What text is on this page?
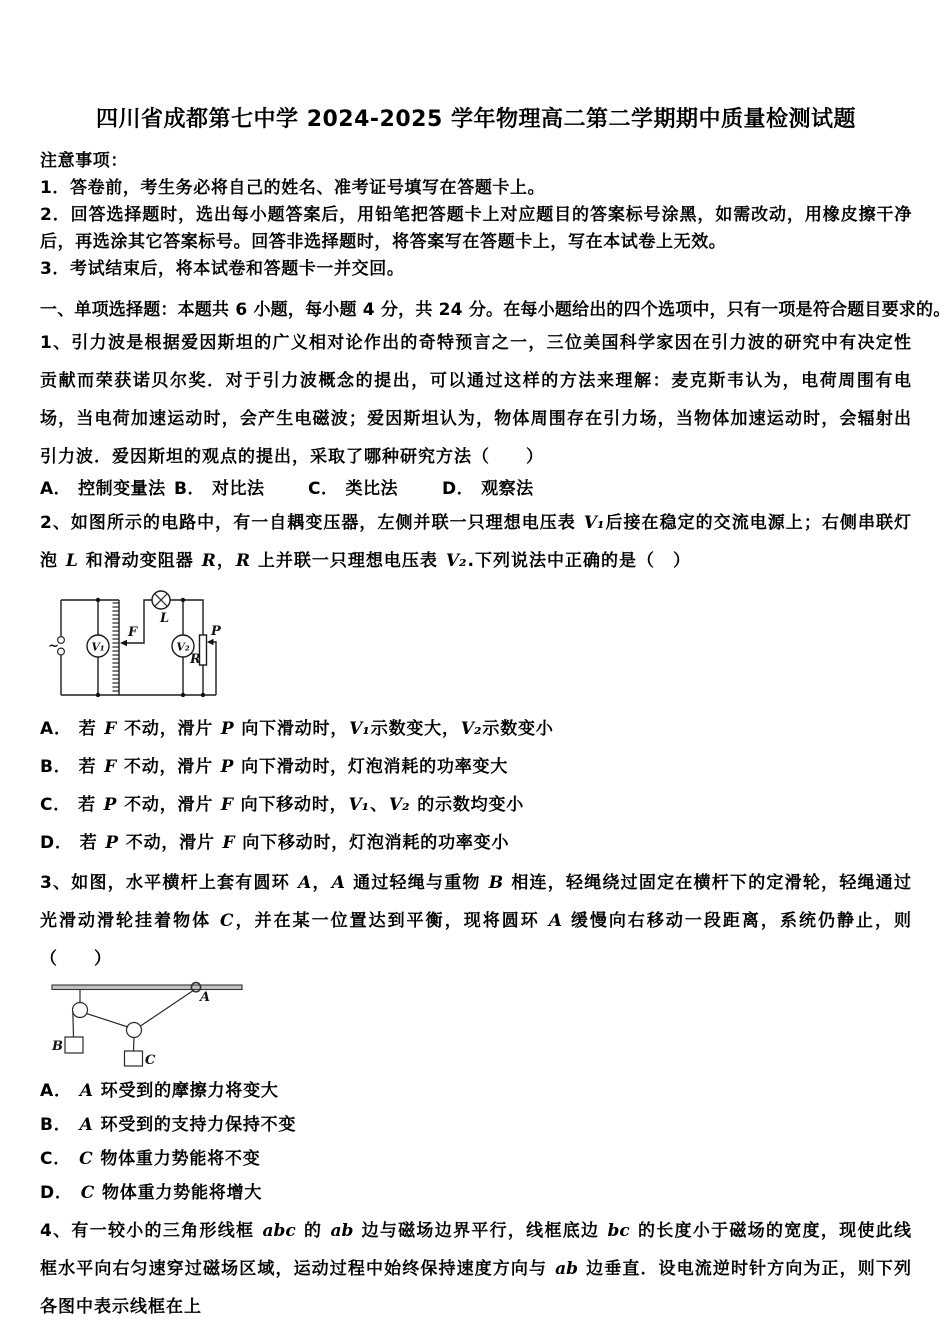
四川省成都第七中学 2024-2025 学年物理高二第二学期期中质量检测试题

注意事项：

1．答卷前，考生务必将自己的姓名、准考证号填写在答题卡上。

2．回答选择题时，选出每小题答案后，用铅笔把答题卡上对应题目的答案标号涂黑，如需改动，用橡皮擦干净后，再选涂其它答案标号。回答非选择题时，将答案写在答题卡上，写在本试卷上无效。

3．考试结束后，将本试卷和答题卡一并交回。

一、单项选择题：本题共 6 小题，每小题 4 分，共 24 分。在每小题给出的四个选项中，只有一项是符合题目要求的。

1、引力波是根据爱因斯坦的广义相对论作出的奇特预言之一，三位美国科学家因在引力波的研究中有决定性贡献而荣获诺贝尔奖．对于引力波概念的提出，可以通过这样的方法来理解：麦克斯韦认为，电荷周围有电场，当电荷加速运动时，会产生电磁波；爱因斯坦认为，物体周围存在引力场，当物体加速运动时，会辐射出引力波．爱因斯坦的观点的提出，采取了哪种研究方法（　　）

A． 控制变量法 B． 对比法	C． 类比法	D． 观察法

2、如图所示的电路中，有一自耦变压器，左侧并联一只理想电压表 V₁后接在稳定的交流电源上；右侧串联灯泡 L 和滑动变阻器 R，R 上并联一只理想电压表 V₂.下列说法中正确的是（　）

~	V₁
F
L
V₂
R
P

A． 若 F 不动，滑片 P 向下滑动时，V₁示数变大，V₂示数变小

B． 若 F 不动，滑片 P 向下滑动时，灯泡消耗的功率变大

C． 若 P 不动，滑片 F 向下移动时，V₁、V₂ 的示数均变小

D． 若 P 不动，滑片 F 向下移动时，灯泡消耗的功率变小

3、如图，水平横杆上套有圆环 A，A 通过轻绳与重物 B 相连，轻绳绕过固定在横杆下的定滑轮，轻绳通过光滑动滑轮挂着物体 C，并在某一位置达到平衡，现将圆环 A 缓慢向右移动一段距离，系统仍静止，则（　　）

A
B
C

A． A 环受到的摩擦力将变大

B． A 环受到的支持力保持不变

C． C 物体重力势能将不变

D． C 物体重力势能将增大

4、有一较小的三角形线框 abc 的 ab 边与磁场边界平行，线框底边 bc 的长度小于磁场的宽度，现使此线框水平向右匀速穿过磁场区域，运动过程中始终保持速度方向与 ab 边垂直．设电流逆时针方向为正，则下列各图中表示线框在上
